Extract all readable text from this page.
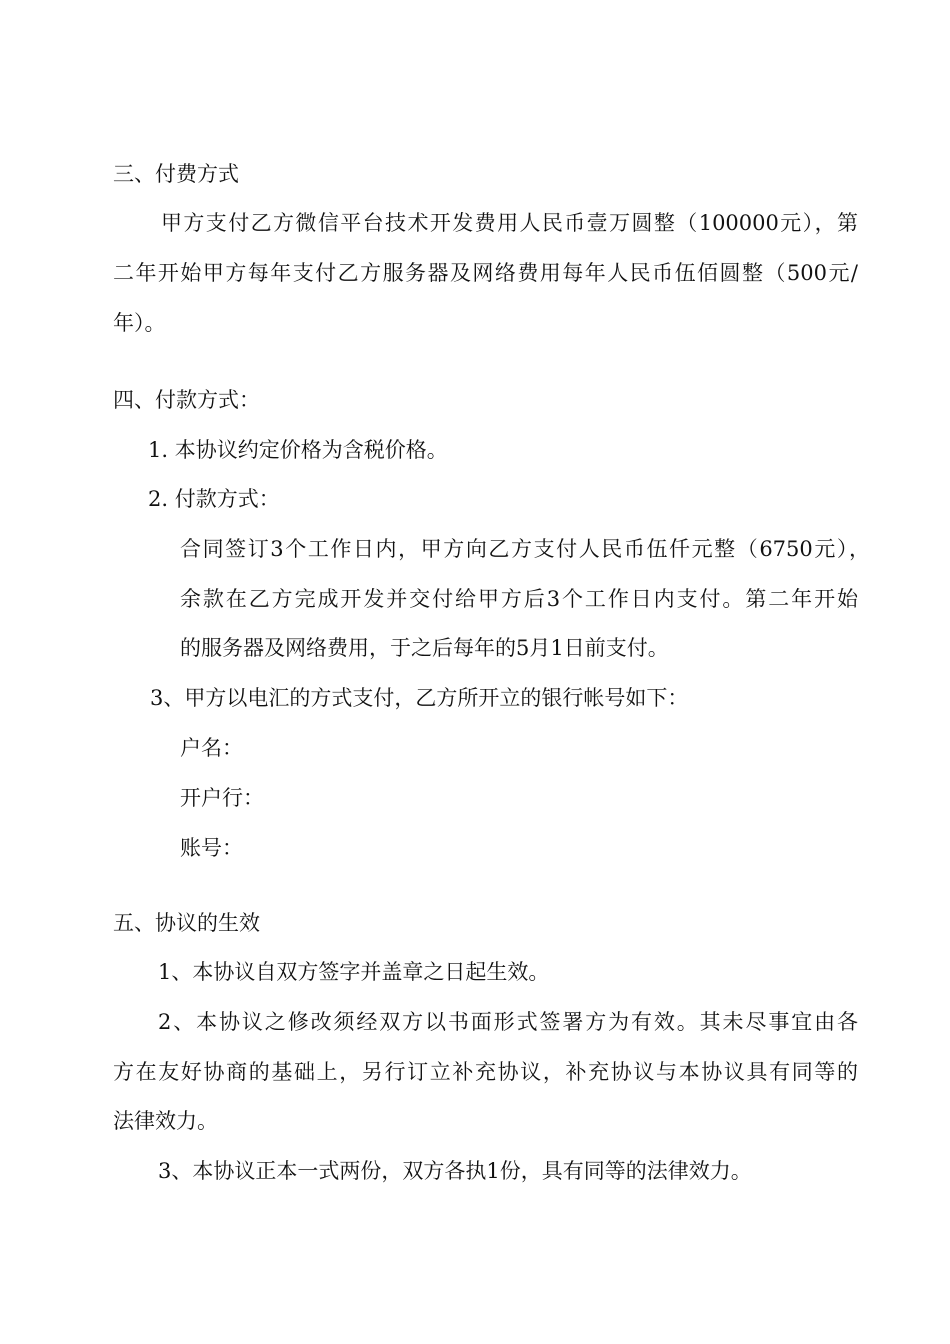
三、付费方式
甲方支付乙方微信平台技术开发费用人民币壹万圆整（100000元），第
二年开始甲方每年支付乙方服务器及网络费用每年人民币伍佰圆整（500元/
年）。
四、付款方式：
1. 本协议约定价格为含税价格。
2. 付款方式：
合同签订3个工作日内，甲方向乙方支付人民币伍仟元整（6750元），
余款在乙方完成开发并交付给甲方后3个工作日内支付。第二年开始
的服务器及网络费用，于之后每年的5月1日前支付。
3、甲方以电汇的方式支付，乙方所开立的银行帐号如下：
户名：
开户行：
账号：
五、协议的生效
1、本协议自双方签字并盖章之日起生效。
2、本协议之修改须经双方以书面形式签署方为有效。其未尽事宜由各
方在友好协商的基础上，另行订立补充协议，补充协议与本协议具有同等的
法律效力。
3、本协议正本一式两份，双方各执1份，具有同等的法律效力。
